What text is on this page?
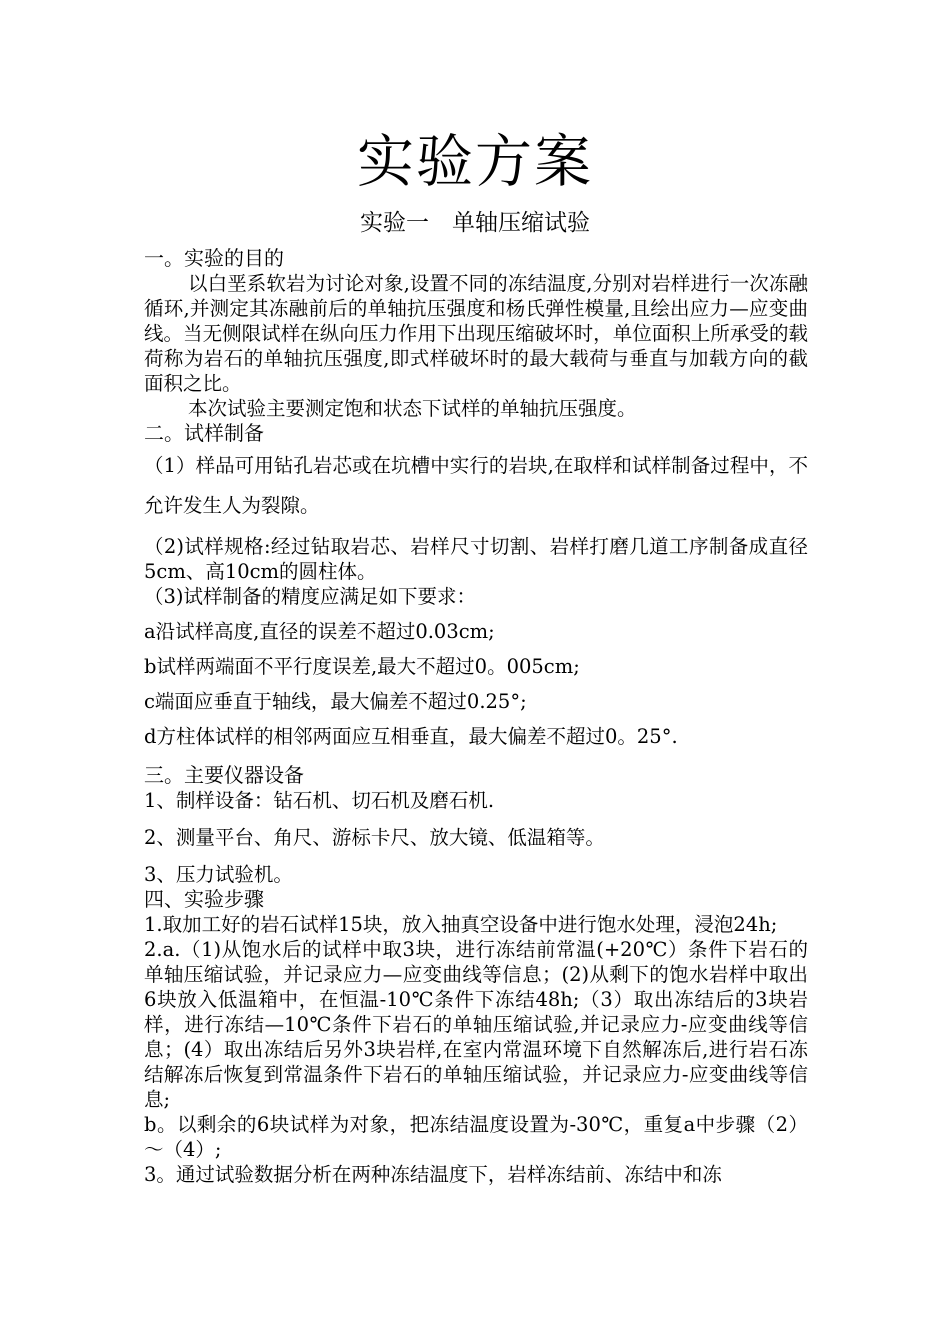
实验方案
实验一　单轴压缩试验

一。实验的目的

以白垩系软岩为讨论对象,设置不同的冻结温度,分别对岩样进行一次冻融循环,并测定其冻融前后的单轴抗压强度和杨氏弹性模量,且绘出应力—应变曲线。当无侧限试样在纵向压力作用下出现压缩破坏时，单位面积上所承受的载荷称为岩石的单轴抗压强度,即式样破坏时的最大载荷与垂直与加载方向的截面积之比。

本次试验主要测定饱和状态下试样的单轴抗压强度。

二。试样制备

（1）样品可用钻孔岩芯或在坑槽中实行的岩块,在取样和试样制备过程中，不允许发生人为裂隙。

（2)试样规格:经过钻取岩芯、岩样尺寸切割、岩样打磨几道工序制备成直径5cm、高10cm的圆柱体。

（3)试样制备的精度应满足如下要求：

a沿试样高度,直径的误差不超过0.03cm;

b试样两端面不平行度误差,最大不超过0。005cm;

c端面应垂直于轴线，最大偏差不超过0.25°;

d方柱体试样的相邻两面应互相垂直，最大偏差不超过0。25°.

三。主要仪器设备

1、制样设备：钻石机、切石机及磨石机.

2、测量平台、角尺、游标卡尺、放大镜、低温箱等。

3、压力试验机。

四、实验步骤

1.取加工好的岩石试样15块，放入抽真空设备中进行饱水处理，浸泡24h;

2.a.（1)从饱水后的试样中取3块，进行冻结前常温(+20℃）条件下岩石的单轴压缩试验，并记录应力—应变曲线等信息；(2)从剩下的饱水岩样中取出6块放入低温箱中，在恒温-10℃条件下冻结48h;（3）取出冻结后的3块岩样，进行冻结—10℃条件下岩石的单轴压缩试验,并记录应力-应变曲线等信息；(4）取出冻结后另外3块岩样,在室内常温环境下自然解冻后,进行岩石冻结解冻后恢复到常温条件下岩石的单轴压缩试验，并记录应力-应变曲线等信息;

b。以剩余的6块试样为对象，把冻结温度设置为-30℃，重复a中步骤（2）～（4）;

3。通过试验数据分析在两种冻结温度下，岩样冻结前、冻结中和冻
